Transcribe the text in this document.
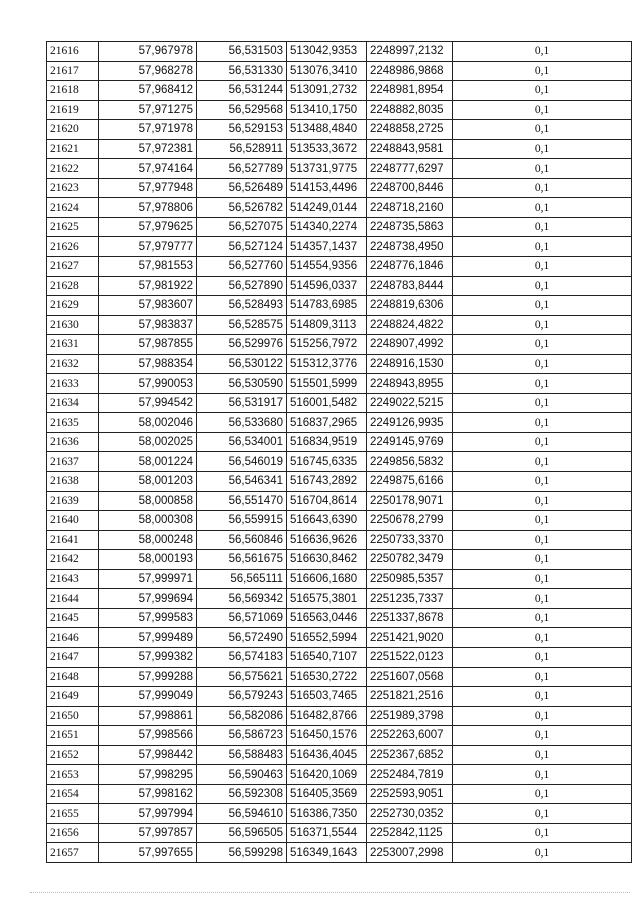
21616	57,967978	56,531503	513042,9353	2248997,2132	0,1
21617	57,968278	56,531330	513076,3410	2248986,9868	0,1
21618	57,968412	56,531244	513091,2732	2248981,8954	0,1
21619	57,971275	56,529568	513410,1750	2248882,8035	0,1
21620	57,971978	56,529153	513488,4840	2248858,2725	0,1
21621	57,972381	56,528911	513533,3672	2248843,9581	0,1
21622	57,974164	56,527789	513731,9775	2248777,6297	0,1
21623	57,977948	56,526489	514153,4496	2248700,8446	0,1
21624	57,978806	56,526782	514249,0144	2248718,2160	0,1
21625	57,979625	56,527075	514340,2274	2248735,5863	0,1
21626	57,979777	56,527124	514357,1437	2248738,4950	0,1
21627	57,981553	56,527760	514554,9356	2248776,1846	0,1
21628	57,981922	56,527890	514596,0337	2248783,8444	0,1
21629	57,983607	56,528493	514783,6985	2248819,6306	0,1
21630	57,983837	56,528575	514809,3113	2248824,4822	0,1
21631	57,987855	56,529976	515256,7972	2248907,4992	0,1
21632	57,988354	56,530122	515312,3776	2248916,1530	0,1
21633	57,990053	56,530590	515501,5999	2248943,8955	0,1
21634	57,994542	56,531917	516001,5482	2249022,5215	0,1
21635	58,002046	56,533680	516837,2965	2249126,9935	0,1
21636	58,002025	56,534001	516834,9519	2249145,9769	0,1
21637	58,001224	56,546019	516745,6335	2249856,5832	0,1
21638	58,001203	56,546341	516743,2892	2249875,6166	0,1
21639	58,000858	56,551470	516704,8614	2250178,9071	0,1
21640	58,000308	56,559915	516643,6390	2250678,2799	0,1
21641	58,000248	56,560846	516636,9626	2250733,3370	0,1
21642	58,000193	56,561675	516630,8462	2250782,3479	0,1
21643	57,999971	56,565111	516606,1680	2250985,5357	0,1
21644	57,999694	56,569342	516575,3801	2251235,7337	0,1
21645	57,999583	56,571069	516563,0446	2251337,8678	0,1
21646	57,999489	56,572490	516552,5994	2251421,9020	0,1
21647	57,999382	56,574183	516540,7107	2251522,0123	0,1
21648	57,999288	56,575621	516530,2722	2251607,0568	0,1
21649	57,999049	56,579243	516503,7465	2251821,2516	0,1
21650	57,998861	56,582086	516482,8766	2251989,3798	0,1
21651	57,998566	56,586723	516450,1576	2252263,6007	0,1
21652	57,998442	56,588483	516436,4045	2252367,6852	0,1
21653	57,998295	56,590463	516420,1069	2252484,7819	0,1
21654	57,998162	56,592308	516405,3569	2252593,9051	0,1
21655	57,997994	56,594610	516386,7350	2252730,0352	0,1
21656	57,997857	56,596505	516371,5544	2252842,1125	0,1
21657	57,997655	56,599298	516349,1643	2253007,2998	0,1
